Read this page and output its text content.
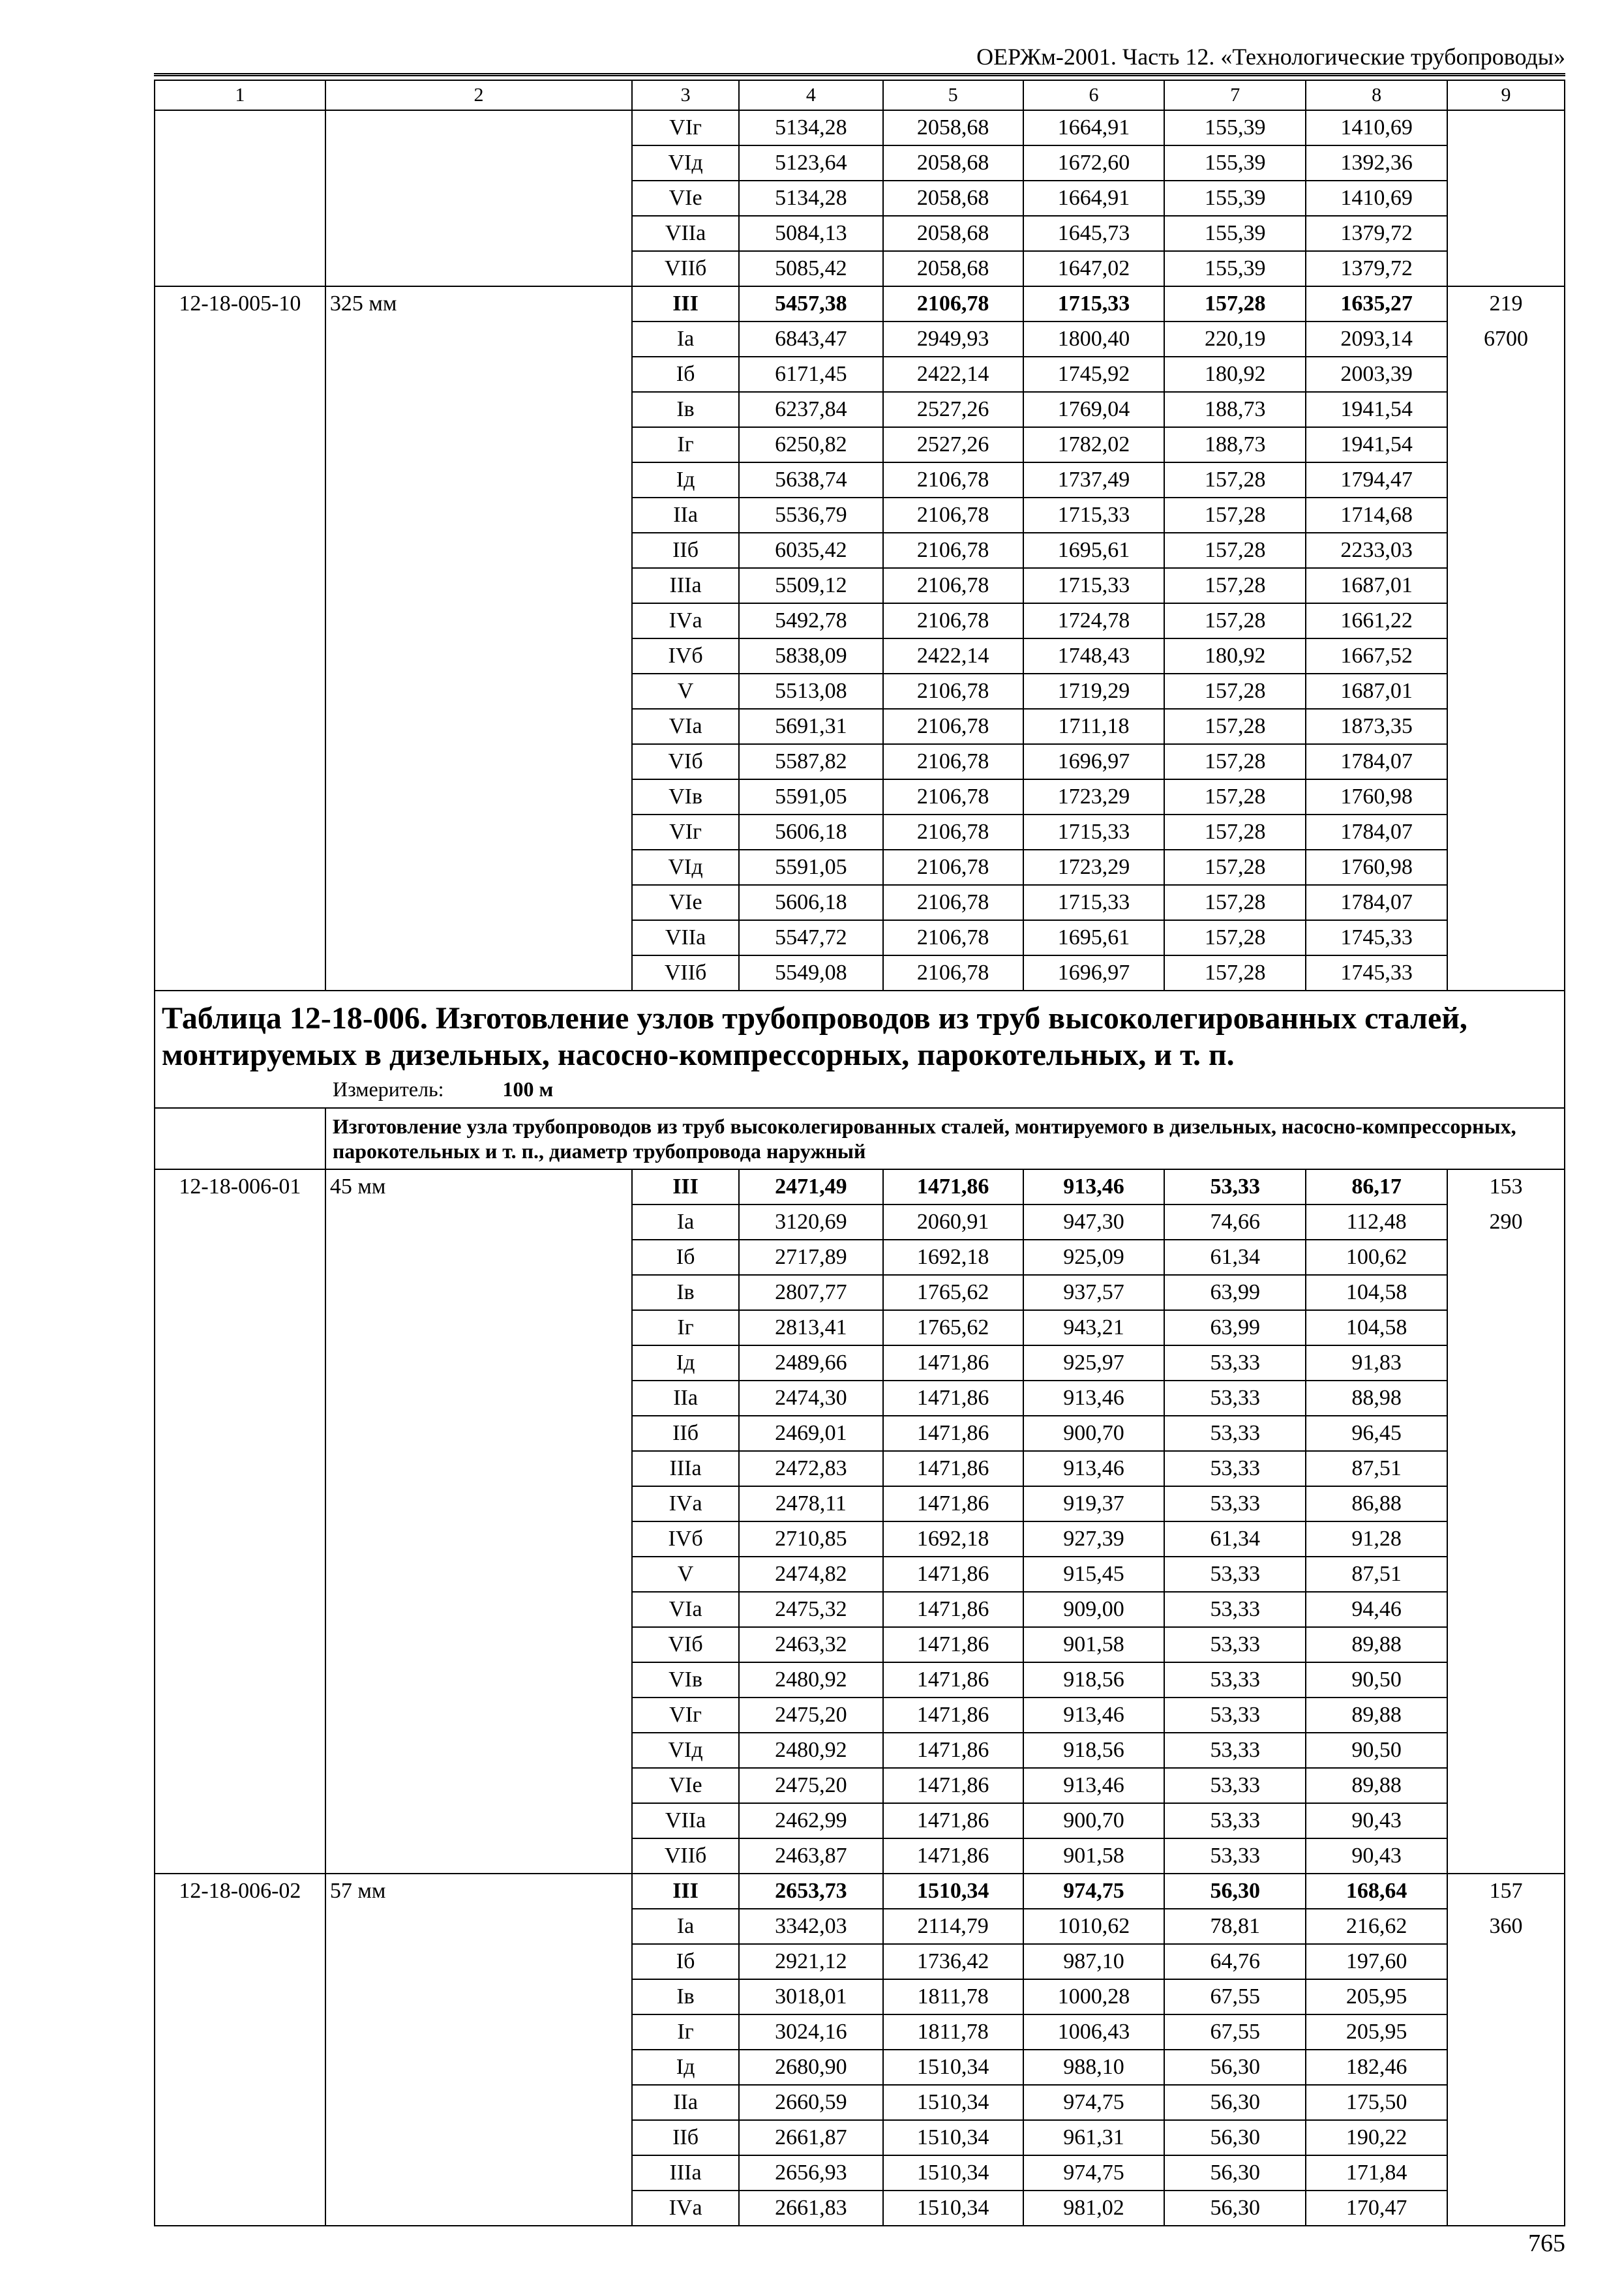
ОЕРЖм-2001. Часть 12. «Технологические трубопроводы»
1	2	3	4	5	6	7	8	9
		VIг	5134,28	2058,68	1664,91	155,39	1410,69	
		VIд	5123,64	2058,68	1672,60	155,39	1392,36	
		VIе	5134,28	2058,68	1664,91	155,39	1410,69	
		VIIа	5084,13	2058,68	1645,73	155,39	1379,72	
		VIIб	5085,42	2058,68	1647,02	155,39	1379,72	
12-18-005-10	325 мм	III	5457,38	2106,78	1715,33	157,28	1635,27	219
		Iа	6843,47	2949,93	1800,40	220,19	2093,14	6700
		Iб	6171,45	2422,14	1745,92	180,92	2003,39	
		Iв	6237,84	2527,26	1769,04	188,73	1941,54	
		Iг	6250,82	2527,26	1782,02	188,73	1941,54	
		Iд	5638,74	2106,78	1737,49	157,28	1794,47	
		IIа	5536,79	2106,78	1715,33	157,28	1714,68	
		IIб	6035,42	2106,78	1695,61	157,28	2233,03	
		IIIа	5509,12	2106,78	1715,33	157,28	1687,01	
		IVа	5492,78	2106,78	1724,78	157,28	1661,22	
		IVб	5838,09	2422,14	1748,43	180,92	1667,52	
		V	5513,08	2106,78	1719,29	157,28	1687,01	
		VIа	5691,31	2106,78	1711,18	157,28	1873,35	
		VIб	5587,82	2106,78	1696,97	157,28	1784,07	
		VIв	5591,05	2106,78	1723,29	157,28	1760,98	
		VIг	5606,18	2106,78	1715,33	157,28	1784,07	
		VIд	5591,05	2106,78	1723,29	157,28	1760,98	
		VIе	5606,18	2106,78	1715,33	157,28	1784,07	
		VIIа	5547,72	2106,78	1695,61	157,28	1745,33	
		VIIб	5549,08	2106,78	1696,97	157,28	1745,33	

Таблица 12-18-006. Изготовление узлов трубопроводов из труб высоколегированных сталей, монтируемых в дизельных, насосно-компрессорных, парокотельных, и т. п.
Измеритель: 100 м								

	Изготовление узла трубопроводов из труб высоколегированных сталей, монтируемого в дизельных, насосно-компрессорных, парокотельных и т. п., диаметр трубопровода наружный							
12-18-006-01	45 мм	III	2471,49	1471,86	913,46	53,33	86,17	153
		Iа	3120,69	2060,91	947,30	74,66	112,48	290
		Iб	2717,89	1692,18	925,09	61,34	100,62	
		Iв	2807,77	1765,62	937,57	63,99	104,58	
		Iг	2813,41	1765,62	943,21	63,99	104,58	
		Iд	2489,66	1471,86	925,97	53,33	91,83	
		IIа	2474,30	1471,86	913,46	53,33	88,98	
		IIб	2469,01	1471,86	900,70	53,33	96,45	
		IIIа	2472,83	1471,86	913,46	53,33	87,51	
		IVа	2478,11	1471,86	919,37	53,33	86,88	
		IVб	2710,85	1692,18	927,39	61,34	91,28	
		V	2474,82	1471,86	915,45	53,33	87,51	
		VIа	2475,32	1471,86	909,00	53,33	94,46	
		VIб	2463,32	1471,86	901,58	53,33	89,88	
		VIв	2480,92	1471,86	918,56	53,33	90,50	
		VIг	2475,20	1471,86	913,46	53,33	89,88	
		VIд	2480,92	1471,86	918,56	53,33	90,50	
		VIе	2475,20	1471,86	913,46	53,33	89,88	
		VIIа	2462,99	1471,86	900,70	53,33	90,43	
		VIIб	2463,87	1471,86	901,58	53,33	90,43	
12-18-006-02	57 мм	III	2653,73	1510,34	974,75	56,30	168,64	157
		Iа	3342,03	2114,79	1010,62	78,81	216,62	360
		Iб	2921,12	1736,42	987,10	64,76	197,60	
		Iв	3018,01	1811,78	1000,28	67,55	205,95	
		Iг	3024,16	1811,78	1006,43	67,55	205,95	
		Iд	2680,90	1510,34	988,10	56,30	182,46	
		IIа	2660,59	1510,34	974,75	56,30	175,50	
		IIб	2661,87	1510,34	961,31	56,30	190,22	
		IIIа	2656,93	1510,34	974,75	56,30	171,84	
		IVа	2661,83	1510,34	981,02	56,30	170,47	
765
